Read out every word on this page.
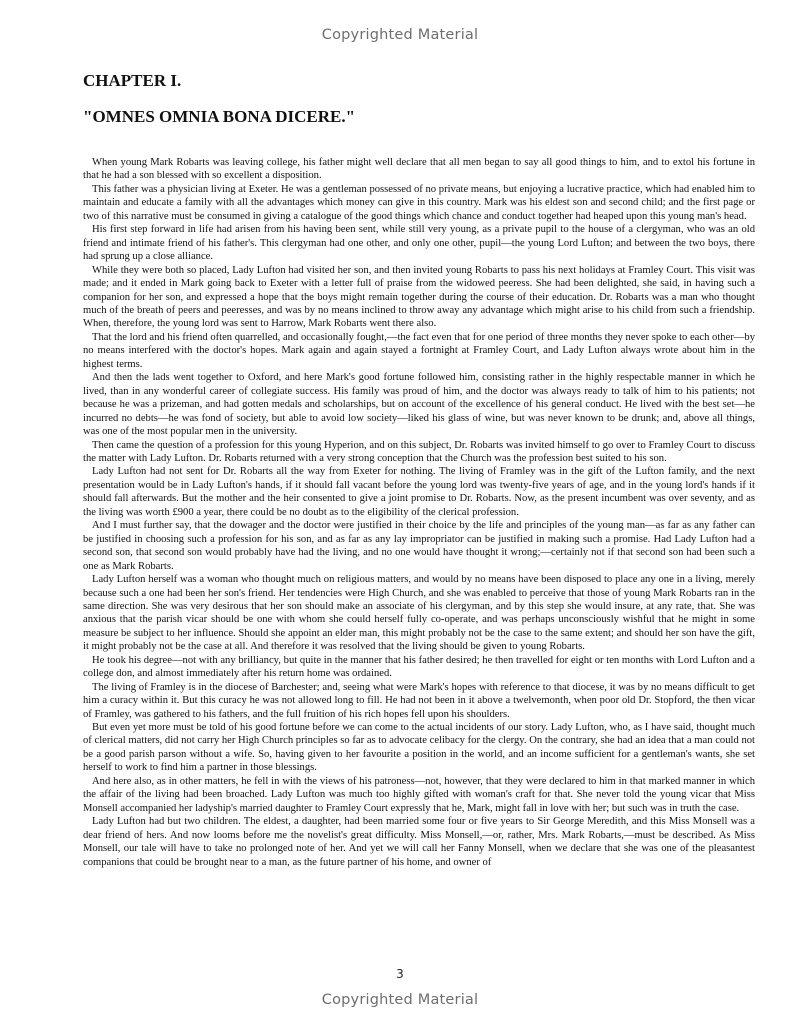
Copyrighted Material
CHAPTER I.
"OMNES OMNIA BONA DICERE."

When young Mark Robarts was leaving college, his father might well declare that all men began to say all good things to him, and to extol his fortune in that he had a son blessed with so excellent a disposition.

This father was a physician living at Exeter. He was a gentleman possessed of no private means, but enjoying a lucrative practice, which had enabled him to maintain and educate a family with all the advantages which money can give in this country. Mark was his eldest son and second child; and the first page or two of this narrative must be consumed in giving a catalogue of the good things which chance and conduct together had heaped upon this young man's head.

His first step forward in life had arisen from his having been sent, while still very young, as a private pupil to the house of a clergyman, who was an old friend and intimate friend of his father's. This clergyman had one other, and only one other, pupil—the young Lord Lufton; and between the two boys, there had sprung up a close alliance.

While they were both so placed, Lady Lufton had visited her son, and then invited young Robarts to pass his next holidays at Framley Court. This visit was made; and it ended in Mark going back to Exeter with a letter full of praise from the widowed peeress. She had been delighted, she said, in having such a companion for her son, and expressed a hope that the boys might remain together during the course of their education. Dr. Robarts was a man who thought much of the breath of peers and peeresses, and was by no means inclined to throw away any advantage which might arise to his child from such a friendship. When, therefore, the young lord was sent to Harrow, Mark Robarts went there also.

That the lord and his friend often quarrelled, and occasionally fought,—the fact even that for one period of three months they never spoke to each other—by no means interfered with the doctor's hopes. Mark again and again stayed a fortnight at Framley Court, and Lady Lufton always wrote about him in the highest terms.

And then the lads went together to Oxford, and here Mark's good fortune followed him, consisting rather in the highly respectable manner in which he lived, than in any wonderful career of collegiate success. His family was proud of him, and the doctor was always ready to talk of him to his patients; not because he was a prizeman, and had gotten medals and scholarships, but on account of the excellence of his general conduct. He lived with the best set—he incurred no debts—he was fond of society, but able to avoid low society—liked his glass of wine, but was never known to be drunk; and, above all things, was one of the most popular men in the university.

Then came the question of a profession for this young Hyperion, and on this subject, Dr. Robarts was invited himself to go over to Framley Court to discuss the matter with Lady Lufton. Dr. Robarts returned with a very strong conception that the Church was the profession best suited to his son.

Lady Lufton had not sent for Dr. Robarts all the way from Exeter for nothing. The living of Framley was in the gift of the Lufton family, and the next presentation would be in Lady Lufton's hands, if it should fall vacant before the young lord was twenty-five years of age, and in the young lord's hands if it should fall afterwards. But the mother and the heir consented to give a joint promise to Dr. Robarts. Now, as the present incumbent was over seventy, and as the living was worth £900 a year, there could be no doubt as to the eligibility of the clerical profession.

And I must further say, that the dowager and the doctor were justified in their choice by the life and principles of the young man—as far as any father can be justified in choosing such a profession for his son, and as far as any lay impropriator can be justified in making such a promise. Had Lady Lufton had a second son, that second son would probably have had the living, and no one would have thought it wrong;—certainly not if that second son had been such a one as Mark Robarts.

Lady Lufton herself was a woman who thought much on religious matters, and would by no means have been disposed to place any one in a living, merely because such a one had been her son's friend. Her tendencies were High Church, and she was enabled to perceive that those of young Mark Robarts ran in the same direction. She was very desirous that her son should make an associate of his clergyman, and by this step she would insure, at any rate, that. She was anxious that the parish vicar should be one with whom she could herself fully co-operate, and was perhaps unconsciously wishful that he might in some measure be subject to her influence. Should she appoint an elder man, this might probably not be the case to the same extent; and should her son have the gift, it might probably not be the case at all. And therefore it was resolved that the living should be given to young Robarts.

He took his degree—not with any brilliancy, but quite in the manner that his father desired; he then travelled for eight or ten months with Lord Lufton and a college don, and almost immediately after his return home was ordained.

The living of Framley is in the diocese of Barchester; and, seeing what were Mark's hopes with reference to that diocese, it was by no means difficult to get him a curacy within it. But this curacy he was not allowed long to fill. He had not been in it above a twelvemonth, when poor old Dr. Stopford, the then vicar of Framley, was gathered to his fathers, and the full fruition of his rich hopes fell upon his shoulders.

But even yet more must be told of his good fortune before we can come to the actual incidents of our story. Lady Lufton, who, as I have said, thought much of clerical matters, did not carry her High Church principles so far as to advocate celibacy for the clergy. On the contrary, she had an idea that a man could not be a good parish parson without a wife. So, having given to her favourite a position in the world, and an income sufficient for a gentleman's wants, she set herself to work to find him a partner in those blessings.

And here also, as in other matters, he fell in with the views of his patroness—not, however, that they were declared to him in that marked manner in which the affair of the living had been broached. Lady Lufton was much too highly gifted with woman's craft for that. She never told the young vicar that Miss Monsell accompanied her ladyship's married daughter to Framley Court expressly that he, Mark, might fall in love with her; but such was in truth the case.

Lady Lufton had but two children. The eldest, a daughter, had been married some four or five years to Sir George Meredith, and this Miss Monsell was a dear friend of hers. And now looms before me the novelist's great difficulty. Miss Monsell,—or, rather, Mrs. Mark Robarts,—must be described. As Miss Monsell, our tale will have to take no prolonged note of her. And yet we will call her Fanny Monsell, when we declare that she was one of the pleasantest companions that could be brought near to a man, as the future partner of his home, and owner of

3
Copyrighted Material
